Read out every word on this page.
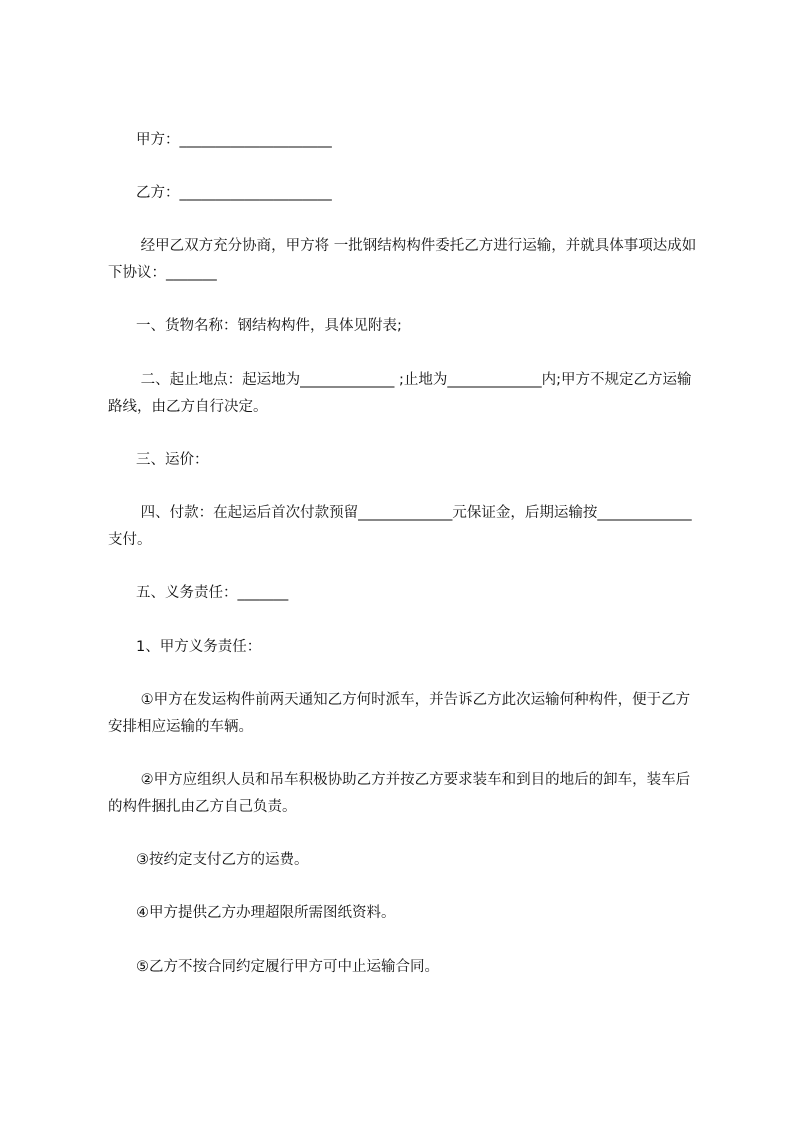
甲方：_____________________

乙方：_____________________

经甲乙双方充分协商，甲方将 一批钢结构构件委托乙方进行运输，并就具体事项达成如下协议：_______

一、货物名称：钢结构构件，具体见附表;

二、起止地点：起运地为_____________ ;止地为_____________内;甲方不规定乙方运输路线，由乙方自行决定。

三、运价：

四、付款：在起运后首次付款预留_____________元保证金，后期运输按_____________支付。

五、义务责任：_______

1、甲方义务责任：

①甲方在发运构件前两天通知乙方何时派车，并告诉乙方此次运输何种构件，便于乙方安排相应运输的车辆。

②甲方应组织人员和吊车积极协助乙方并按乙方要求装车和到目的地后的卸车，装车后的构件捆扎由乙方自己负责。

③按约定支付乙方的运费。

④甲方提供乙方办理超限所需图纸资料。

⑤乙方不按合同约定履行甲方可中止运输合同。
